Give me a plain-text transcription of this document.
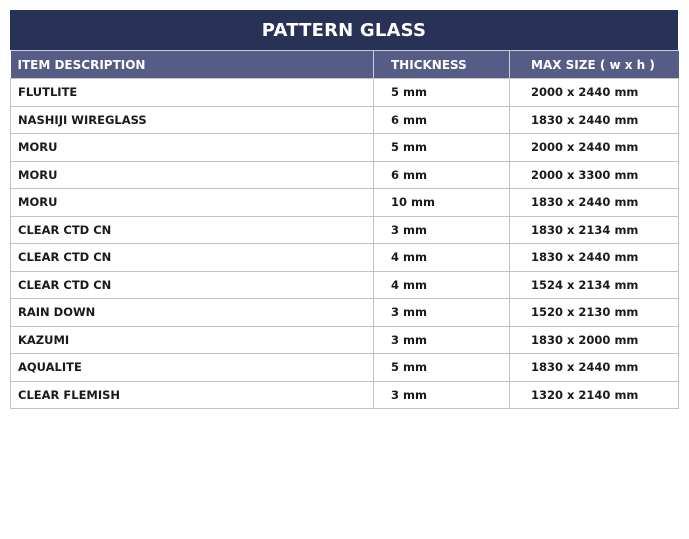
PATTERN GLASS
ITEM DESCRIPTION	THICKNESS	MAX SIZE ( w x h )
FLUTLITE	5 mm	2000 x 2440 mm
NASHIJI WIREGLASS	6 mm	1830 x 2440 mm
MORU	5 mm	2000 x 2440 mm
MORU	6 mm	2000 x 3300 mm
MORU	10 mm	1830 x 2440 mm
CLEAR CTD CN	3 mm	1830 x 2134 mm
CLEAR CTD CN	4 mm	1830 x 2440 mm
CLEAR CTD CN	4 mm	1524 x 2134 mm
RAIN DOWN	3 mm	1520 x 2130 mm
KAZUMI	3 mm	1830 x 2000 mm
AQUALITE	5 mm	1830 x 2440 mm
CLEAR FLEMISH	3 mm	1320 x 2140 mm
